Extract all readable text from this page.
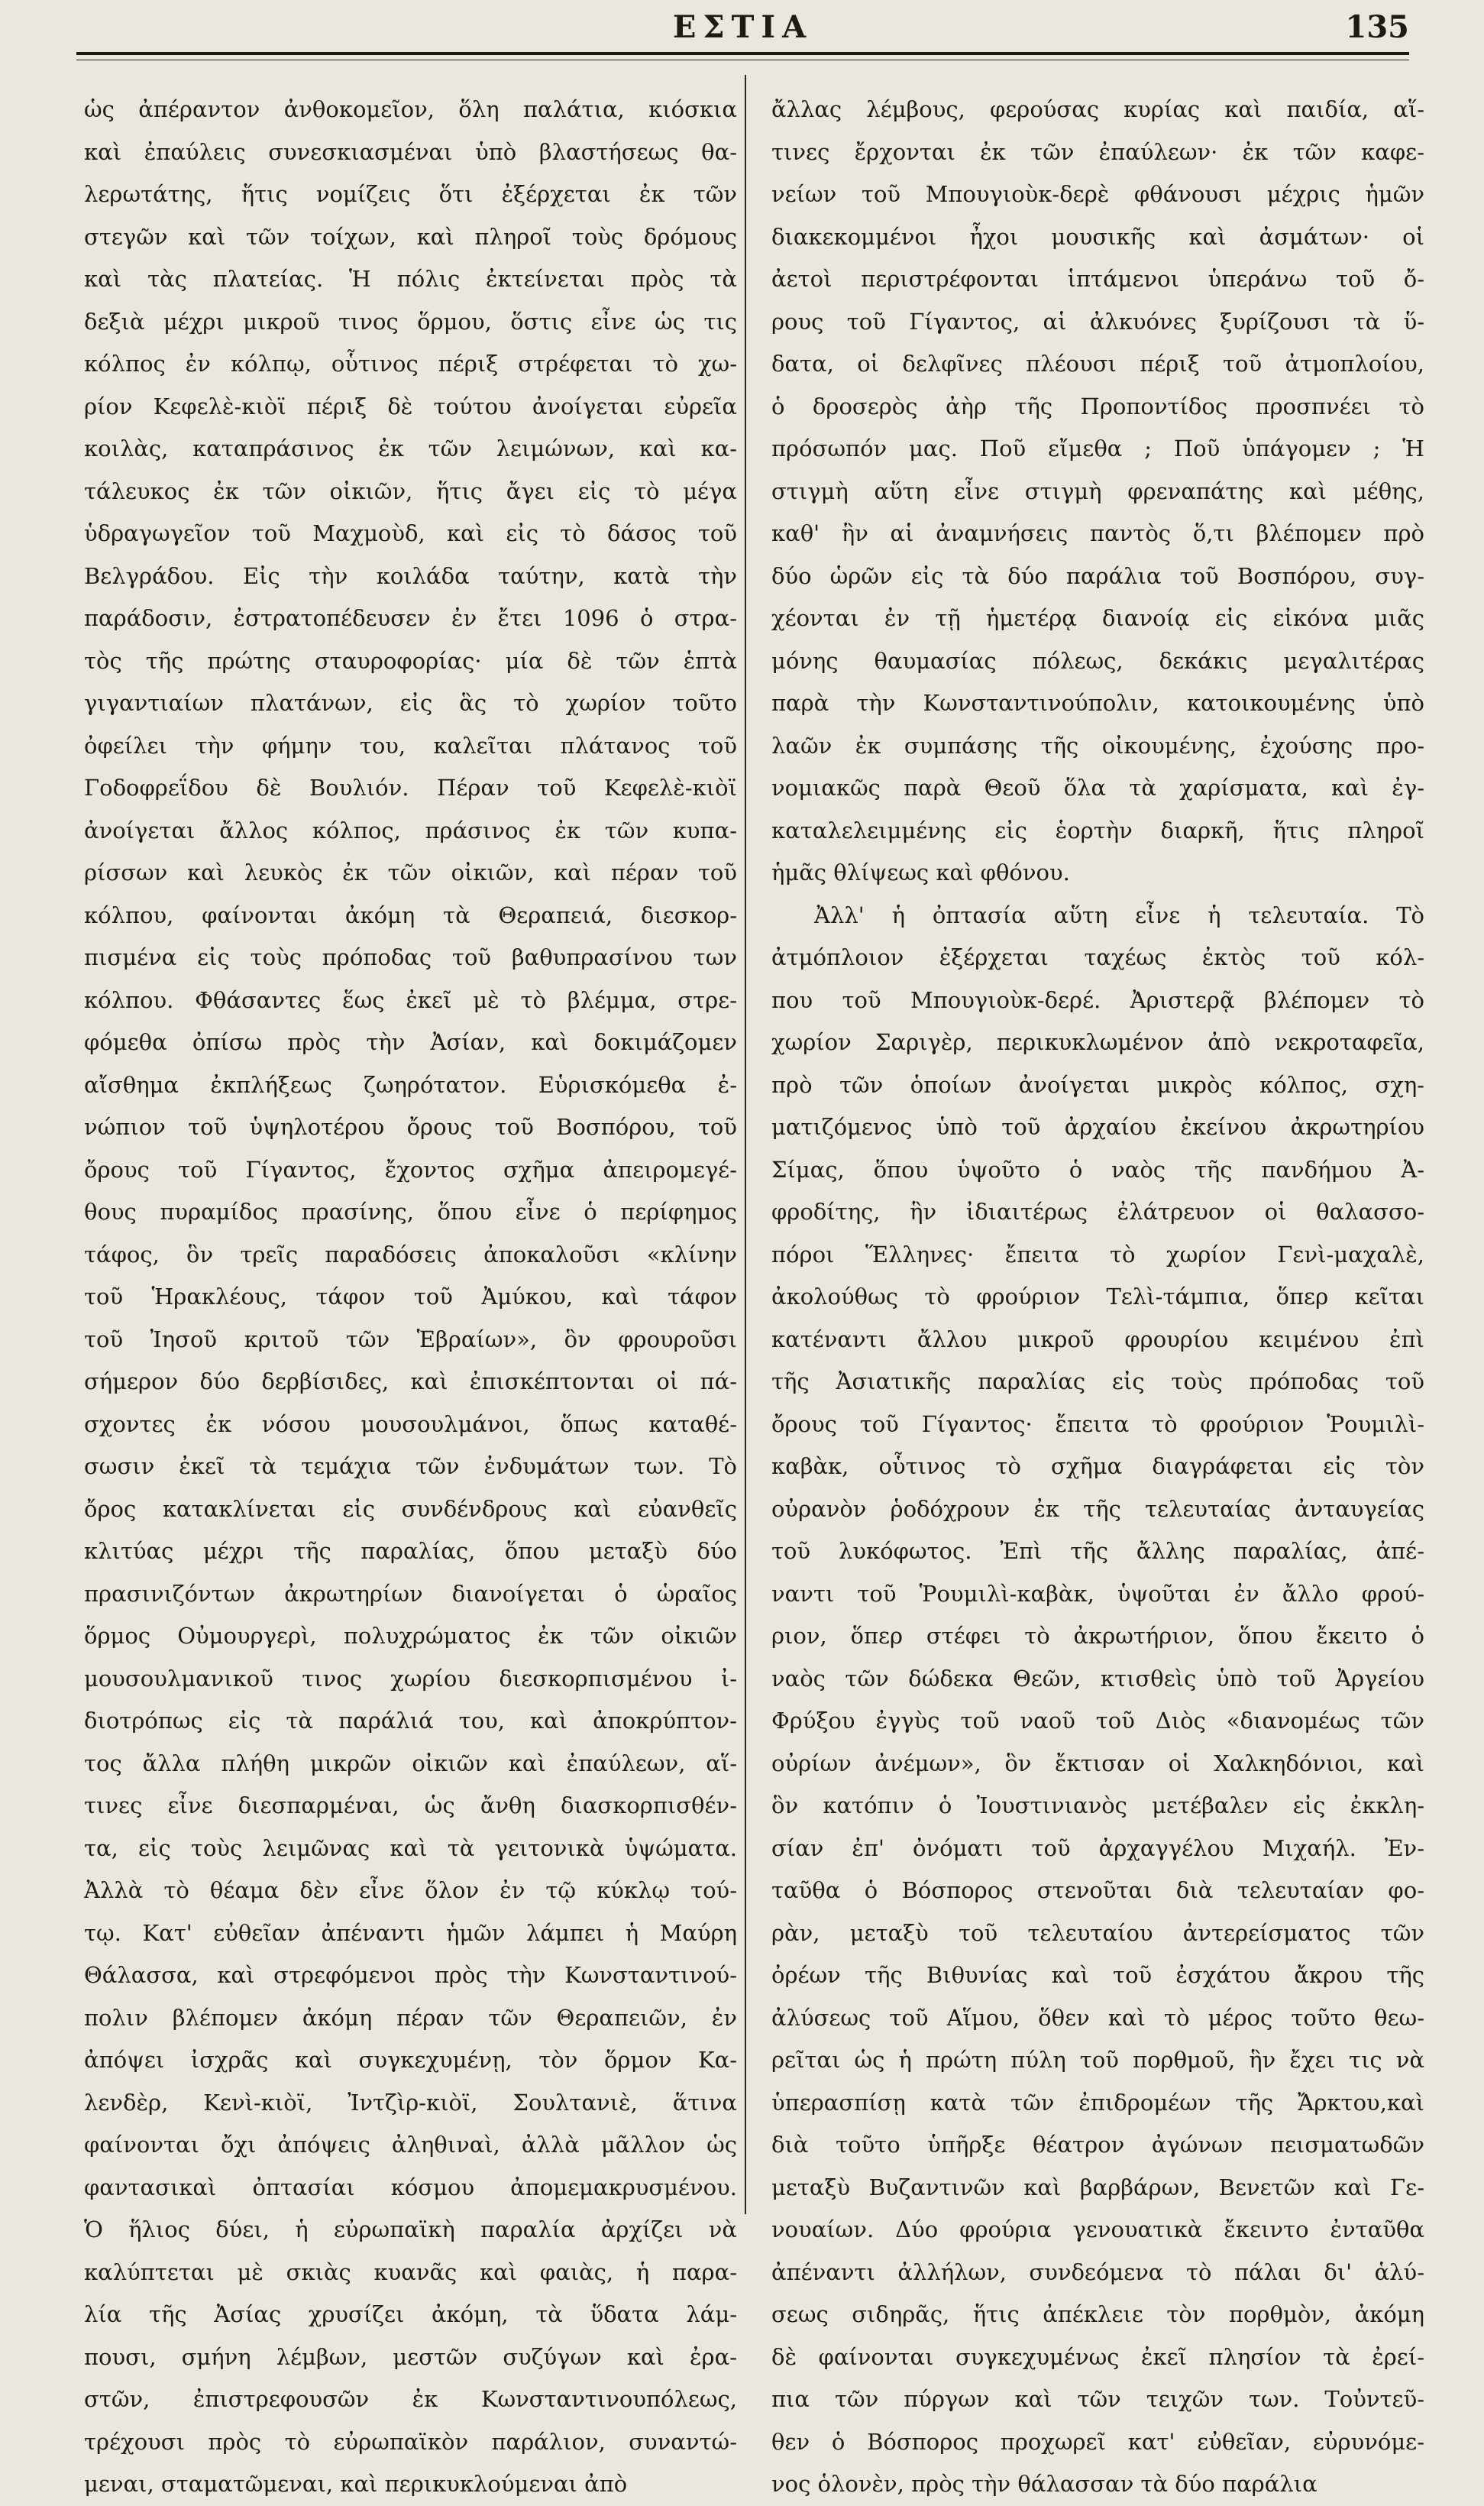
ΕΣΤΙΑ	135
ὡς ἀπέραντον ἀνθοκομεῖον, ὅλη παλάτια, κιόσκια
καὶ ἐπαύλεις συνεσκιασμέναι ὑπὸ βλαστήσεως θα-
λερωτάτης, ἥτις νομίζεις ὅτι ἐξέρχεται ἐκ τῶν
στεγῶν καὶ τῶν τοίχων, καὶ πληροῖ τοὺς δρόμους
καὶ τὰς πλατείας. Ἡ πόλις ἐκτείνεται πρὸς τὰ
δεξιὰ μέχρι μικροῦ τινος ὅρμου, ὅστις εἶνε ὡς τις
κόλπος ἐν κόλπῳ, οὗτινος πέριξ στρέφεται τὸ χω-
ρίον Κεφελὲ-κιὸϊ πέριξ δὲ τούτου ἀνοίγεται εὐρεῖα
κοιλὰς, καταπράσινος ἐκ τῶν λειμώνων, καὶ κα-
τάλευκος ἐκ τῶν οἰκιῶν, ἥτις ἄγει εἰς τὸ μέγα
ὑδραγωγεῖον τοῦ Μαχμοὺδ, καὶ εἰς τὸ δάσος τοῦ
Βελγράδου. Εἰς τὴν κοιλάδα ταύτην, κατὰ τὴν
παράδοσιν, ἐστρατοπέδευσεν ἐν ἔτει 1096 ὁ στρα-
τὸς τῆς πρώτης σταυροφορίας· μία δὲ τῶν ἑπτὰ
γιγαντιαίων πλατάνων, εἰς ἃς τὸ χωρίον τοῦτο
ὀφείλει τὴν φήμην του, καλεῖται πλάτανος τοῦ
Γοδοφρεΐδου δὲ Βουλιόν. Πέραν τοῦ Κεφελὲ-κιὸϊ
ἀνοίγεται ἄλλος κόλπος, πράσινος ἐκ τῶν κυπα-
ρίσσων καὶ λευκὸς ἐκ τῶν οἰκιῶν, καὶ πέραν τοῦ
κόλπου, φαίνονται ἀκόμη τὰ Θεραπειά, διεσκορ-
πισμένα εἰς τοὺς πρόποδας τοῦ βαθυπρασίνου των
κόλπου. Φθάσαντες ἕως ἐκεῖ μὲ τὸ βλέμμα, στρε-
φόμεθα ὀπίσω πρὸς τὴν Ἀσίαν, καὶ δοκιμάζομεν
αἴσθημα ἐκπλήξεως ζωηρότατον. Εὑρισκόμεθα ἐ-
νώπιον τοῦ ὑψηλοτέρου ὄρους τοῦ Βοσπόρου, τοῦ
ὄρους τοῦ Γίγαντος, ἔχοντος σχῆμα ἀπειρομεγέ-
θους πυραμίδος πρασίνης, ὅπου εἶνε ὁ περίφημος
τάφος, ὃν τρεῖς παραδόσεις ἀποκαλοῦσι «κλίνην
τοῦ Ἡρακλέους, τάφον τοῦ Ἀμύκου, καὶ τάφον
τοῦ Ἰησοῦ κριτοῦ τῶν Ἑβραίων», ὃν φρουροῦσι
σήμερον δύο δερβίσιδες, καὶ ἐπισκέπτονται οἱ πά-
σχοντες ἐκ νόσου μουσουλμάνοι, ὅπως καταθέ-
σωσιν ἐκεῖ τὰ τεμάχια τῶν ἐνδυμάτων των. Τὸ
ὄρος κατακλίνεται εἰς συνδένδρους καὶ εὐανθεῖς
κλιτύας μέχρι τῆς παραλίας, ὅπου μεταξὺ δύο
πρασινιζόντων ἀκρωτηρίων διανοίγεται ὁ ὡραῖος
ὅρμος Οὐμουργερὶ, πολυχρώματος ἐκ τῶν οἰκιῶν
μουσουλμανικοῦ τινος χωρίου διεσκορπισμένου ἰ-
διοτρόπως εἰς τὰ παράλιά του, καὶ ἀποκρύπτον-
τος ἄλλα πλήθη μικρῶν οἰκιῶν καὶ ἐπαύλεων, αἵ-
τινες εἶνε διεσπαρμέναι, ὡς ἄνθη διασκορπισθέν-
τα, εἰς τοὺς λειμῶνας καὶ τὰ γειτονικὰ ὑψώματα.
Ἀλλὰ τὸ θέαμα δὲν εἶνε ὅλον ἐν τῷ κύκλῳ τού-
τῳ. Κατ' εὐθεῖαν ἀπέναντι ἡμῶν λάμπει ἡ Μαύρη
Θάλασσα, καὶ στρεφόμενοι πρὸς τὴν Κωνσταντινού-
πολιν βλέπομεν ἀκόμη πέραν τῶν Θεραπειῶν, ἐν
ἀπόψει ἰσχρᾶς καὶ συγκεχυμένῃ, τὸν ὅρμον Κα-
λενδὲρ, Κενὶ-κιὸϊ, Ἰντζὶρ-κιὸϊ, Σουλτανιὲ, ἅτινα
φαίνονται ὄχι ἀπόψεις ἀληθιναὶ, ἀλλὰ μᾶλλον ὡς
φαντασικαὶ ὀπτασίαι κόσμου ἀπομεμακρυσμένου.
Ὁ ἥλιος δύει, ἡ εὐρωπαϊκὴ παραλία ἀρχίζει νὰ
καλύπτεται μὲ σκιὰς κυανᾶς καὶ φαιὰς, ἡ παρα-
λία τῆς Ἀσίας χρυσίζει ἀκόμη, τὰ ὕδατα λάμ-
πουσι, σμήνη λέμβων, μεστῶν συζύγων καὶ ἐρα-
στῶν, ἐπιστρεφουσῶν ἐκ Κωνσταντινουπόλεως,
τρέχουσι πρὸς τὸ εὐρωπαϊκὸν παράλιον, συναντώ-
μεναι, σταματῶμεναι, καὶ περικυκλούμεναι ἀπὸ
ἄλλας λέμβους, φερούσας κυρίας καὶ παιδία, αἵ-
τινες ἔρχονται ἐκ τῶν ἐπαύλεων· ἐκ τῶν καφε-
νείων τοῦ Μπουγιοὺκ-δερὲ φθάνουσι μέχρις ἡμῶν
διακεκομμένοι ἦχοι μουσικῆς καὶ ἀσμάτων· οἱ
ἀετοὶ περιστρέφονται ἱπτάμενοι ὑπεράνω τοῦ ὄ-
ρους τοῦ Γίγαντος, αἱ ἀλκυόνες ξυρίζουσι τὰ ὕ-
δατα, οἱ δελφῖνες πλέουσι πέριξ τοῦ ἀτμοπλοίου,
ὁ δροσερὸς ἀὴρ τῆς Προποντίδος προσπνέει τὸ
πρόσωπόν μας. Ποῦ εἴμεθα ; Ποῦ ὑπάγομεν ; Ἡ
στιγμὴ αὕτη εἶνε στιγμὴ φρεναπάτης καὶ μέθης,
καθ' ἣν αἱ ἀναμνήσεις παντὸς ὅ,τι βλέπομεν πρὸ
δύο ὡρῶν εἰς τὰ δύο παράλια τοῦ Βοσπόρου, συγ-
χέονται ἐν τῇ ἡμετέρᾳ διανοίᾳ εἰς εἰκόνα μιᾶς
μόνης θαυμασίας πόλεως, δεκάκις μεγαλιτέρας
παρὰ τὴν Κωνσταντινούπολιν, κατοικουμένης ὑπὸ
λαῶν ἐκ συμπάσης τῆς οἰκουμένης, ἐχούσης προ-
νομιακῶς παρὰ Θεοῦ ὅλα τὰ χαρίσματα, καὶ ἐγ-
καταλελειμμένης εἰς ἑορτὴν διαρκῆ, ἥτις πληροῖ
ἡμᾶς θλίψεως καὶ φθόνου.
Ἀλλ' ἡ ὀπτασία αὕτη εἶνε ἡ τελευταία. Τὸ
ἀτμόπλοιον ἐξέρχεται ταχέως ἐκτὸς τοῦ κόλ-
που τοῦ Μπουγιοὺκ-δερέ. Ἀριστερᾷ βλέπομεν τὸ
χωρίον Σαριγὲρ, περικυκλωμένον ἀπὸ νεκροταφεῖα,
πρὸ τῶν ὁποίων ἀνοίγεται μικρὸς κόλπος, σχη-
ματιζόμενος ὑπὸ τοῦ ἀρχαίου ἐκείνου ἀκρωτηρίου
Σίμας, ὅπου ὑψοῦτο ὁ ναὸς τῆς πανδήμου Ἀ-
φροδίτης, ἣν ἰδιαιτέρως ἐλάτρευον οἱ θαλασσο-
πόροι Ἕλληνες· ἔπειτα τὸ χωρίον Γενὶ-μαχαλὲ,
ἀκολούθως τὸ φρούριον Τελὶ-τάμπια, ὅπερ κεῖται
κατέναντι ἄλλου μικροῦ φρουρίου κειμένου ἐπὶ
τῆς Ἀσιατικῆς παραλίας εἰς τοὺς πρόποδας τοῦ
ὄρους τοῦ Γίγαντος· ἔπειτα τὸ φρούριον Ῥουμιλὶ-
καβὰκ, οὗτινος τὸ σχῆμα διαγράφεται εἰς τὸν
οὐρανὸν ῥοδόχρουν ἐκ τῆς τελευταίας ἀνταυγείας
τοῦ λυκόφωτος. Ἐπὶ τῆς ἄλλης παραλίας, ἀπέ-
ναντι τοῦ Ῥουμιλὶ-καβὰκ, ὑψοῦται ἐν ἄλλο φρού-
ριον, ὅπερ στέφει τὸ ἀκρωτήριον, ὅπου ἔκειτο ὁ
ναὸς τῶν δώδεκα Θεῶν, κτισθεὶς ὑπὸ τοῦ Ἀργείου
Φρύξου ἐγγὺς τοῦ ναοῦ τοῦ Διὸς «διανομέως τῶν
οὐρίων ἀνέμων», ὃν ἔκτισαν οἱ Χαλκηδόνιοι, καὶ
ὃν κατόπιν ὁ Ἰουστινιανὸς μετέβαλεν εἰς ἐκκλη-
σίαν ἐπ' ὀνόματι τοῦ ἀρχαγγέλου Μιχαήλ. Ἐν-
ταῦθα ὁ Βόσπορος στενοῦται διὰ τελευταίαν φο-
ρὰν, μεταξὺ τοῦ τελευταίου ἀντερείσματος τῶν
ὀρέων τῆς Βιθυνίας καὶ τοῦ ἐσχάτου ἄκρου τῆς
ἀλύσεως τοῦ Αἵμου, ὅθεν καὶ τὸ μέρος τοῦτο θεω-
ρεῖται ὡς ἡ πρώτη πύλη τοῦ πορθμοῦ, ἣν ἔχει τις νὰ
ὑπερασπίσῃ κατὰ τῶν ἐπιδρομέων τῆς Ἄρκτου,καὶ
διὰ τοῦτο ὑπῆρξε θέατρον ἀγώνων πεισματωδῶν
μεταξὺ Βυζαντινῶν καὶ βαρβάρων, Βενετῶν καὶ Γε-
νουαίων. Δύο φρούρια γενουατικὰ ἔκειντο ἐνταῦθα
ἀπέναντι ἀλλήλων, συνδεόμενα τὸ πάλαι δι' ἁλύ-
σεως σιδηρᾶς, ἥτις ἀπέκλειε τὸν πορθμὸν, ἀκόμη
δὲ φαίνονται συγκεχυμένως ἐκεῖ πλησίον τὰ ἐρεί-
πια τῶν πύργων καὶ τῶν τειχῶν των. Τοὐντεῦ-
θεν ὁ Βόσπορος προχωρεῖ κατ' εὐθεῖαν, εὐρυνόμε-
νος ὁλονὲν, πρὸς τὴν θάλασσαν τὰ δύο παράλια
